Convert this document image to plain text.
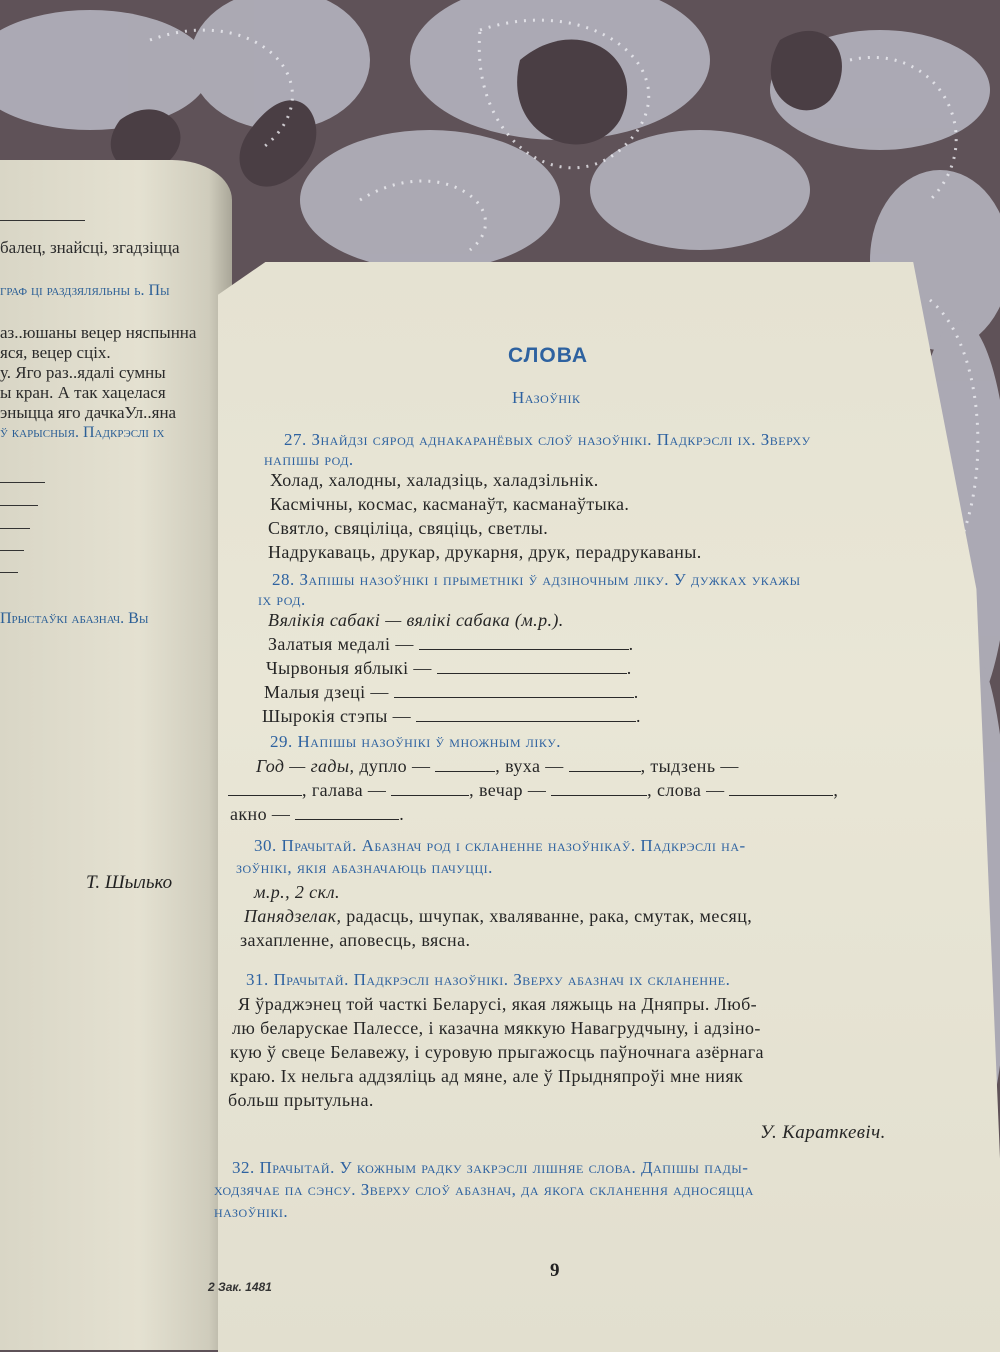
балец, знайсці, згадзіцца
граф ці раздзяляльны ь. Пы
аз..юшаны вецер няспынна
яся, вецер сціх.
у. Яго раз..ядалі сумны
ы кран. А так хацелася
эныцца яго дачкаУл..яна
ў карысныя. Падкрэслі ix
Прыстаўкі абазнач. Вы
Т. Шылько
СЛОВА
Назоўнік
27. Знайдзі сярод аднакаранёвых слоў назоўнікі. Падкрэслі іх. Зверху
напішы род.
Холад, халодны, халадзіць, халадзільнік.
Касмічны, космас, касманаўт, касманаўтыка.
Святло, свяціліца, свяціць, светлы.
Надрукаваць, друкар, друкарня, друк, перадрукаваны.
28. Запішы назоўнікі і прыметнікі ў адзіночным ліку. У дужках укажы
іх род.
Вялікія сабакі — вялікі сабака (м.р.).
Залатыя медалі —	.
Чырвоныя яблыкі —	.
Малыя дзеці —	.
Шырокія стэпы —	.
29. Напішы назоўнікі ў множным ліку.
Год — гады, дупло —	, вуха —	, тыдзень —
, галава —	, вечар —	, слова —	,
акно —	.
30. Прачытай. Абазнач род і скланенне назоўнікаў. Падкрэслі на-
зоўнікі, якія абазначаюць пачуцці.
м.р., 2 скл.
Панядзелак, радасць, шчупак, хваляванне, рака, смутак, месяц,
захапленне, аповесць, вясна.
31. Прачытай. Падкрэслі назоўнікі. Зверху абазнач іх скланенне.
Я ўраджэнец той часткі Беларусі, якая ляжыць на Дняпры. Люб-
лю беларускае Палессе, і казачна мяккую Навагрудчыну, і адзіно-
кую ў свеце Белавежу, і суровую прыгажосць паўночнага азёрнага
краю. Іх нельга аддзяліць ад мяне, але ў Прыдняпроўі мне нияк
больш прытульна.
У. Караткевіч.
32. Прачытай. У кожным радку закрэслі лішняе слова. Дапішы пады-
ходзячае па сэнсу. Зверху слоў абазнач, да якога скланення адносяцца
назоўнікі.
9
2 Зак. 1481
